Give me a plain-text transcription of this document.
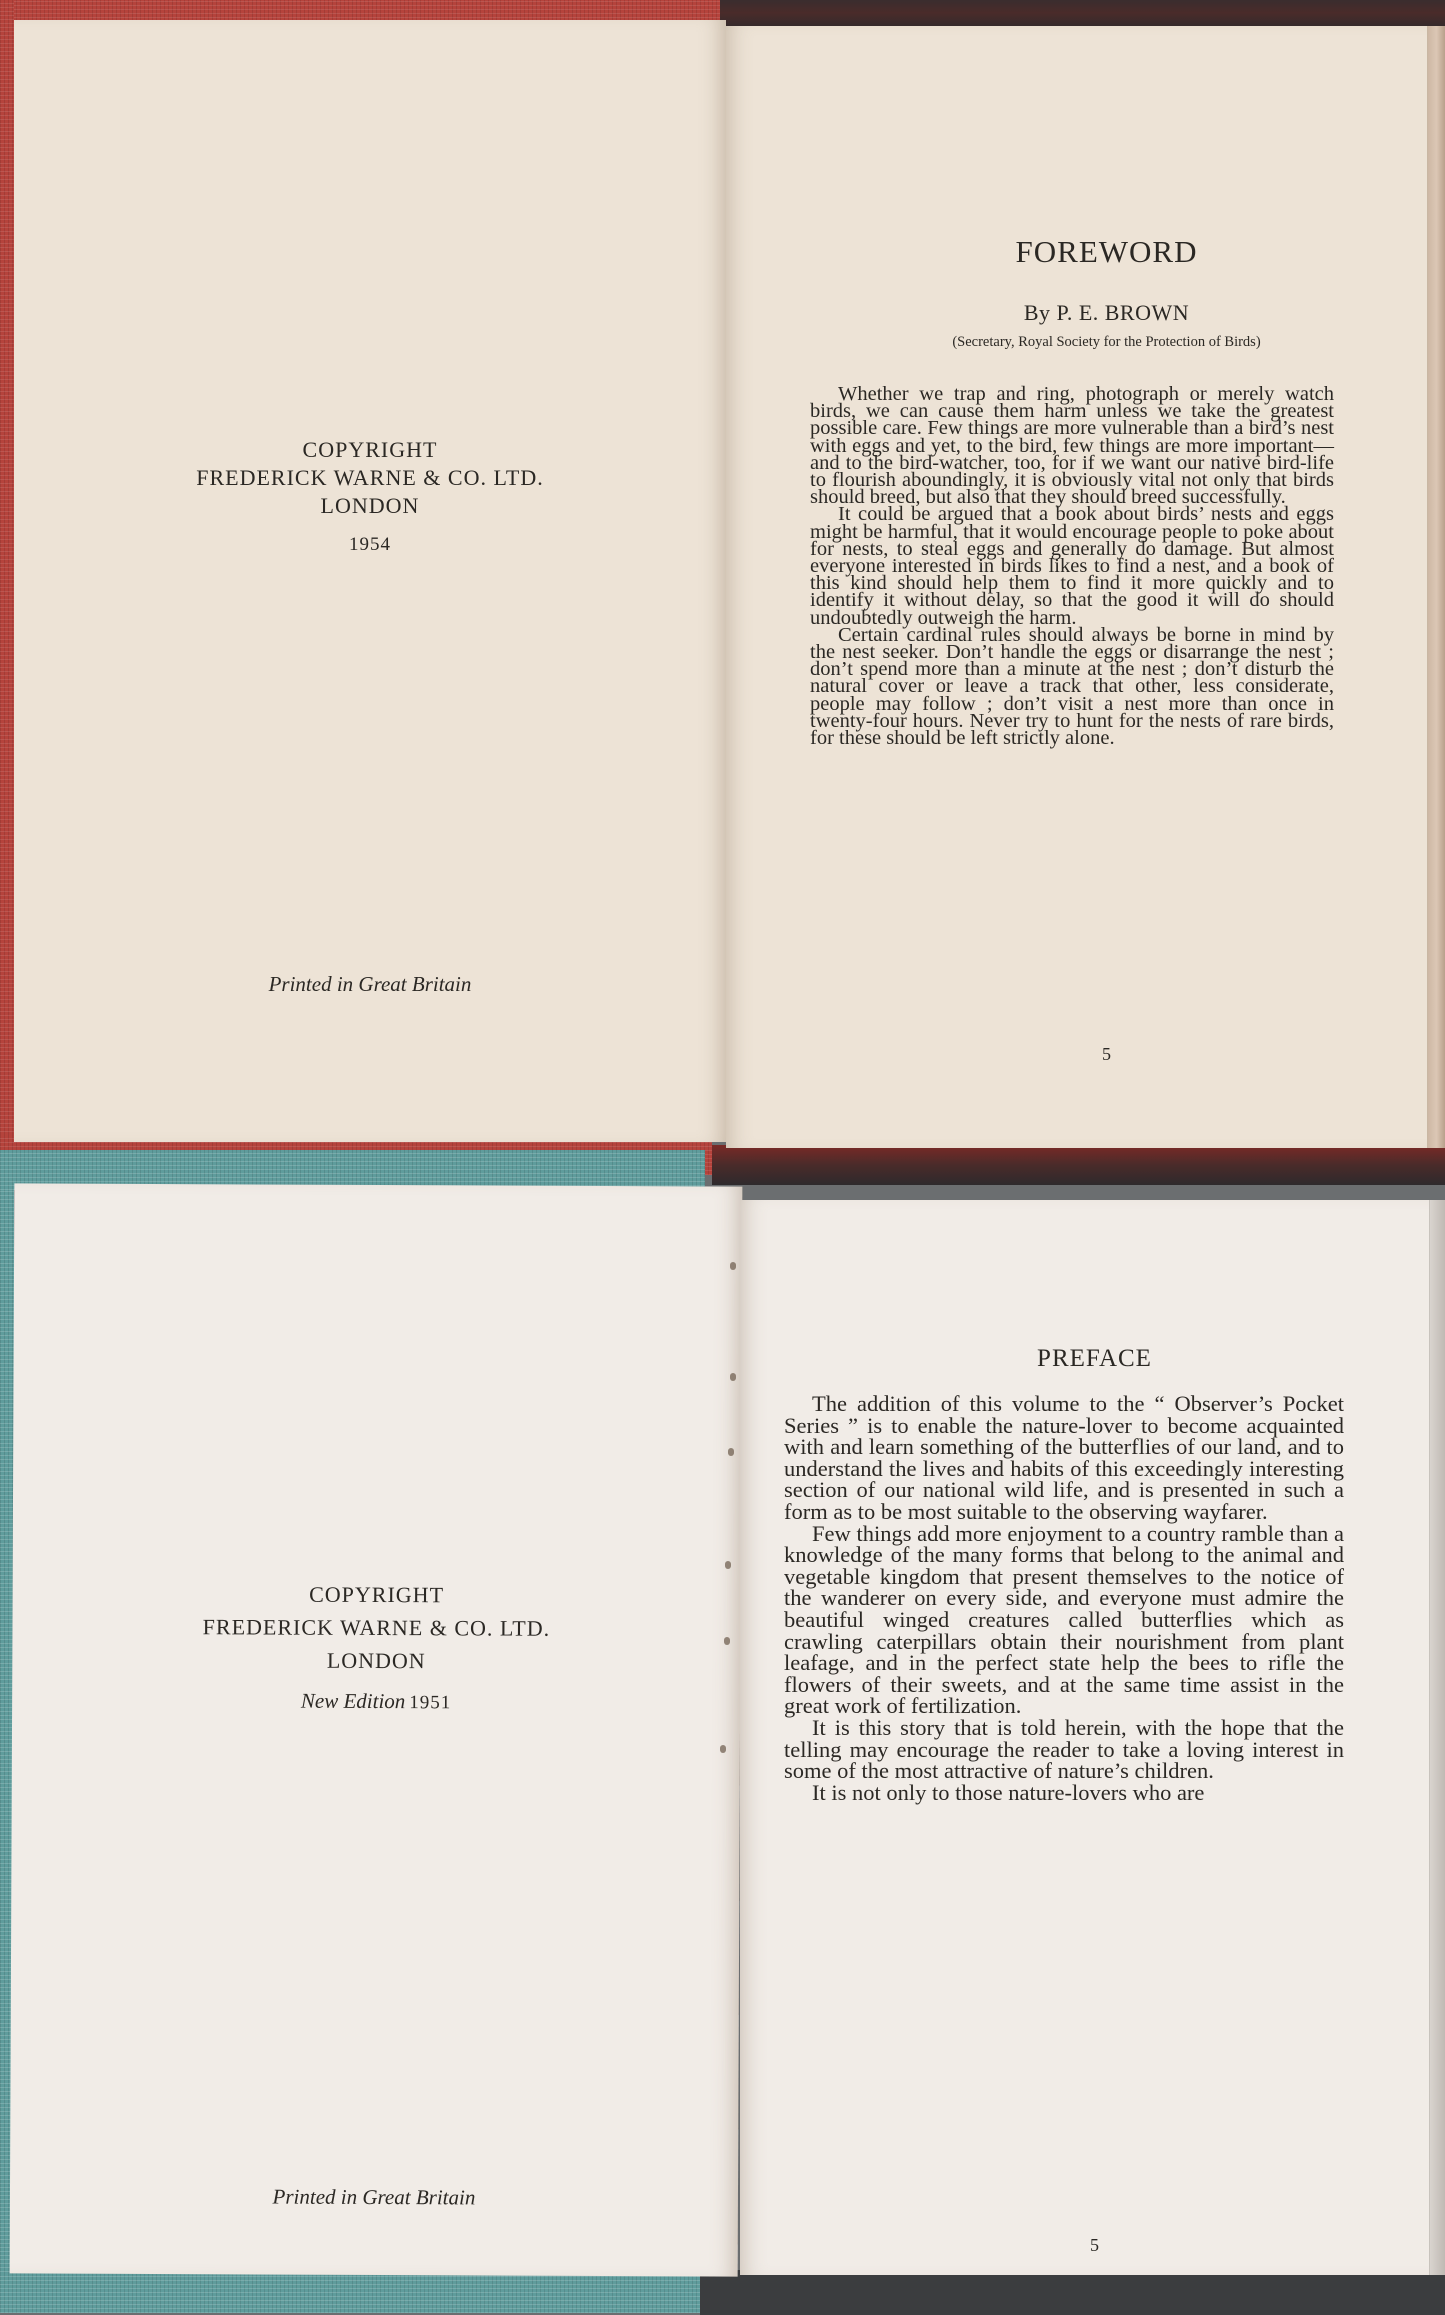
COPYRIGHT
FREDERICK WARNE & CO. LTD.
LONDON
1954
Printed in Great Britain
FOREWORD
By P. E. BROWN
(Secretary, Royal Society for the Protection of Birds)

Whether we trap and ring, photograph or merely watch birds, we can cause them harm unless we take the greatest possible care. Few things are more vulnerable than a bird’s nest with eggs and yet, to the bird, few things are more important—and to the bird-watcher, too, for if we want our native bird-life to flourish aboundingly, it is obviously vital not only that birds should breed, but also that they should breed successfully.

It could be argued that a book about birds’ nests and eggs might be harmful, that it would encourage people to poke about for nests, to steal eggs and generally do damage. But almost everyone interested in birds likes to find a nest, and a book of this kind should help them to find it more quickly and to identify it without delay, so that the good it will do should undoubtedly outweigh the harm.

Certain cardinal rules should always be borne in mind by the nest seeker. Don’t handle the eggs or disarrange the nest ; don’t spend more than a minute at the nest ; don’t disturb the natural cover or leave a track that other, less considerate, people may follow ; don’t visit a nest more than once in twenty-four hours. Never try to hunt for the nests of rare birds, for these should be left strictly alone.

5
COPYRIGHT
FREDERICK WARNE & CO. LTD.
LONDON
New Edition 1951
Printed in Great Britain
PREFACE

The addition of this volume to the “ Observer’s Pocket Series ” is to enable the nature-lover to become acquainted with and learn something of the butterflies of our land, and to understand the lives and habits of this exceedingly interesting section of our national wild life, and is presented in such a form as to be most suitable to the observing wayfarer.

Few things add more enjoyment to a country ramble than a knowledge of the many forms that belong to the animal and vegetable kingdom that present themselves to the notice of the wanderer on every side, and everyone must admire the beautiful winged creatures called butterflies which as crawling caterpillars obtain their nourishment from plant leafage, and in the perfect state help the bees to rifle the flowers of their sweets, and at the same time assist in the great work of fertilization.

It is this story that is told herein, with the hope that the telling may encourage the reader to take a loving interest in some of the most attractive of nature’s children.

It is not only to those nature-lovers who are

5
